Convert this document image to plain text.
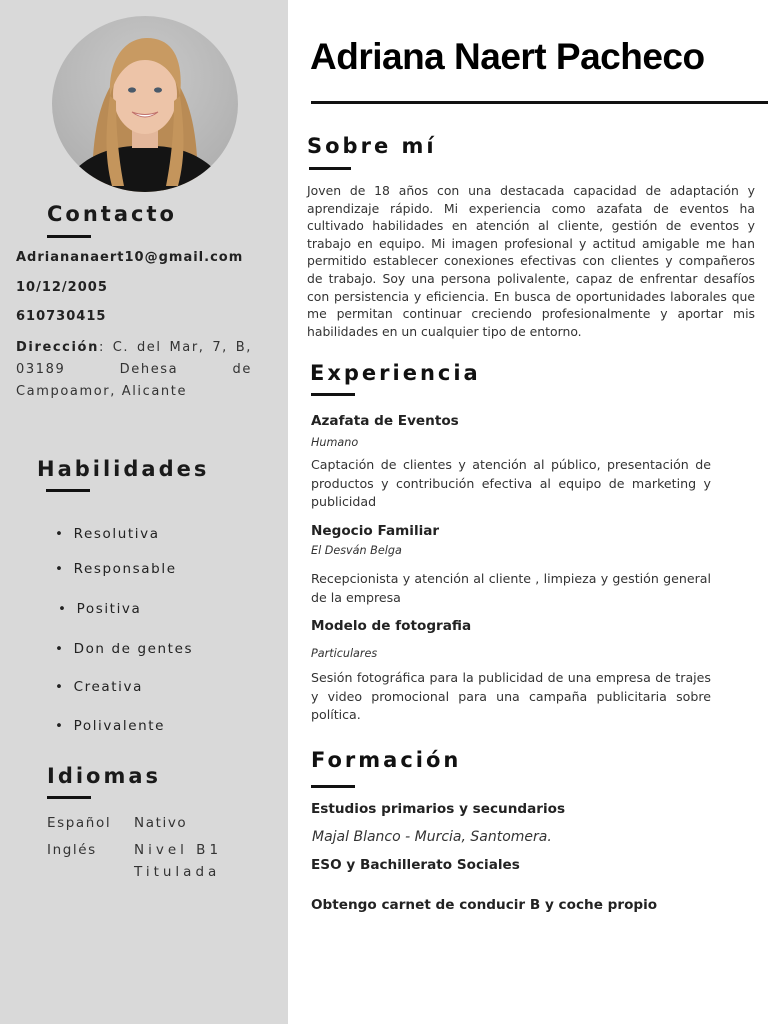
Contacto
Adriananaert10@gmail.com
10/12/2005
610730415
Dirección: C. del Mar, 7, B, 03189 Dehesa de Campoamor, Alicante
Habilidades
• Resolutiva
• Responsable
• Positiva
• Don de gentes
• Creativa
• Polivalente
Idiomas
Español Nativo
Inglés	Nivel B1
Titulada
Adriana Naert Pacheco
Sobre mí
Joven de 18 años con una destacada capacidad de adaptación y aprendizaje rápido. Mi experiencia como azafata de eventos ha cultivado habilidades en atención al cliente, gestión de eventos y trabajo en equipo. Mi imagen profesional y actitud amigable me han permitido establecer conexiones efectivas con clientes y compañeros de trabajo. Soy una persona polivalente, capaz de enfrentar desafíos con persistencia y eficiencia. En busca de oportunidades laborales que me permitan continuar creciendo profesionalmente y aportar mis habilidades en un cualquier tipo de entorno.
Experiencia
Azafata de Eventos
Humano
Captación de clientes y atención al público, presentación de productos y contribución efectiva al equipo de marketing y publicidad
Negocio Familiar
El Desván Belga
Recepcionista y atención al cliente , limpieza y gestión general de la empresa
Modelo de fotografia
Particulares
Sesión fotográfica para la publicidad de una empresa de trajes y video promocional para una campaña publicitaria sobre política.
Formación
Estudios primarios y secundarios
Majal Blanco - Murcia, Santomera.
ESO y Bachillerato Sociales
Obtengo carnet de conducir B y coche propio
